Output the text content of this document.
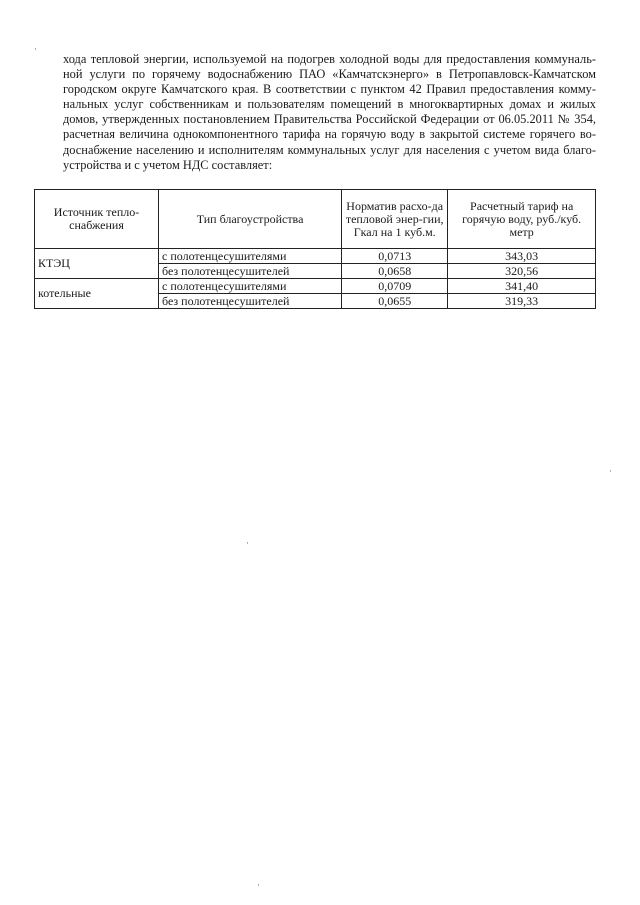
хода тепловой энергии, используемой на подогрев холодной воды для предоставления коммуналь-
ной услуги по горячему водоснабжению ПАО «Камчатскэнерго» в Петропавловск-Камчатском
городском округе Камчатского края. В соответствии с пунктом 42 Правил предоставления комму-
нальных услуг собственникам и пользователям помещений в многоквартирных домах и жилых
домов, утвержденных постановлением Правительства Российской Федерации от 06.05.2011 № 354,
расчетная величина однокомпонентного тарифа на горячую воду в закрытой системе горячего во-
доснабжение населению и исполнителям коммунальных услуг для населения с учетом вида благо-
устройства и с учетом НДС составляет:
Источник тепло-снабжения	Тип благоустройства	Норматив расхо-да тепловой энер-гии, Гкал на 1 куб.м.	Расчетный тариф на горячую воду, руб./куб. метр
КТЭЦ	с полотенцесушителями	0,0713	343,03
	без полотенцесушителей	0,0658	320,56
котельные	с полотенцесушителями	0,0709	341,40
	без полотенцесушителей	0,0655	319,33
·
·
·
·
